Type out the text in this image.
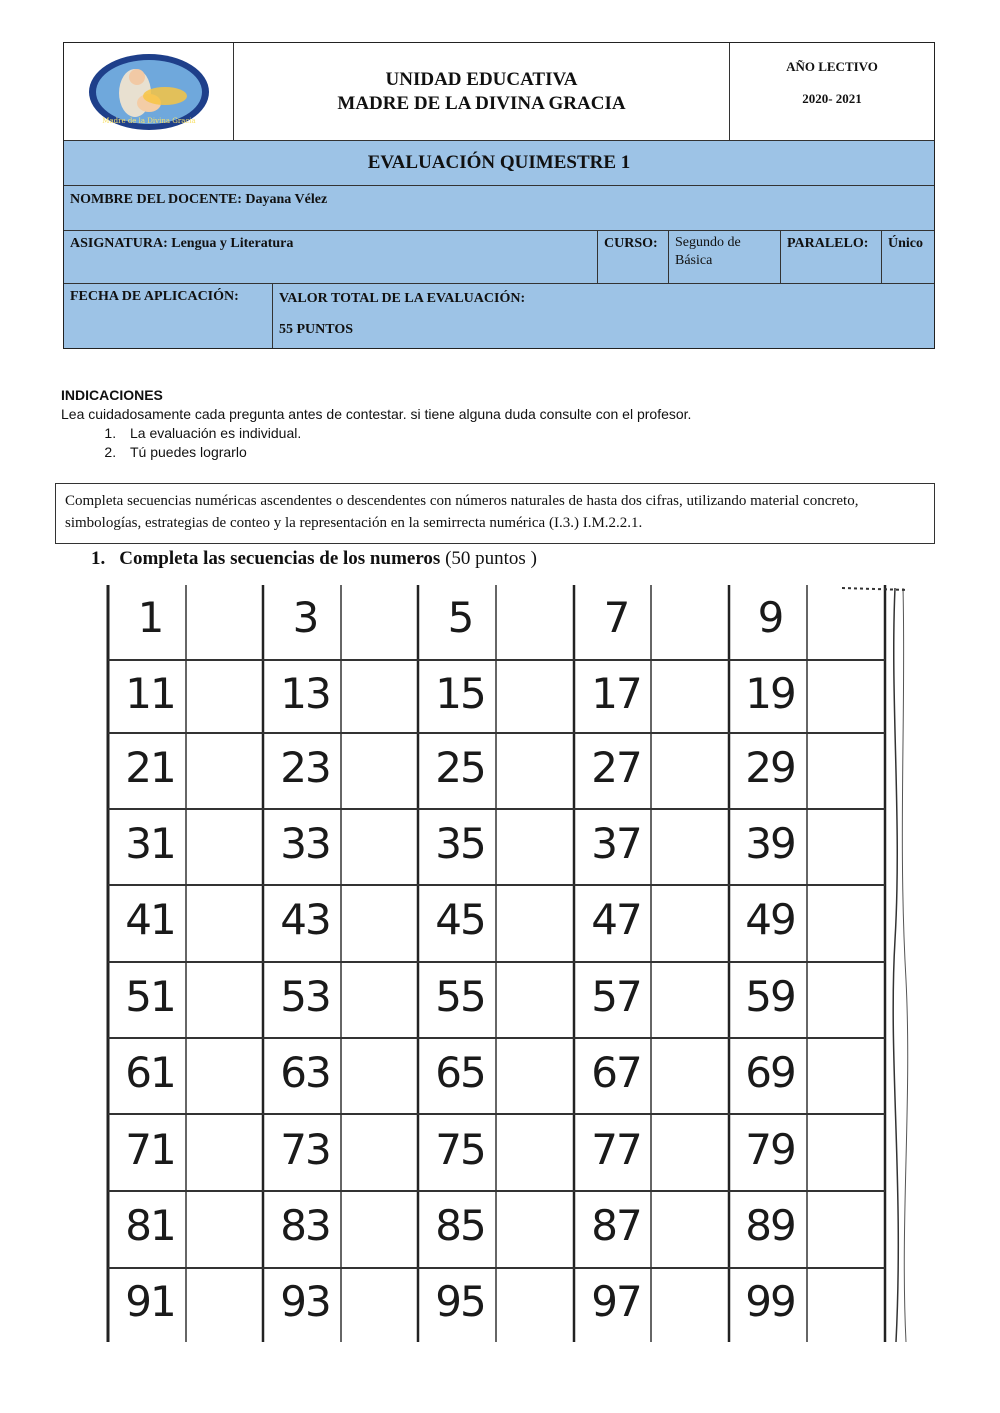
Madre de la Divina Gracia
UNIDAD EDUCATIVA
MADRE DE LA DIVINA GRACIA
AÑO LECTIVO
2020- 2021
EVALUACIÓN QUIMESTRE 1
NOMBRE DEL DOCENTE: Dayana Vélez
ASIGNATURA: Lengua y Literatura	CURSO:	Segundo de Básica
PARALELO:	Único
FECHA DE APLICACIÓN:	VALOR TOTAL DE LA EVALUACIÓN:
55 PUNTOS
INDICACIONES
Lea cuidadosamente cada pregunta antes de contestar. si tiene alguna duda consulte con el profesor.
1. La evaluación es individual.
2. Tú puedes lograrlo
Completa secuencias numéricas ascendentes o descendentes con números naturales de hasta dos cifras, utilizando material concreto, simbologías, estrategias de conteo y la representación en la semirrecta numérica (I.3.) I.M.2.2.1.
1. Completa las secuencias de los numeros (50 puntos )
1	3	5	7	9
11	13	15	17	19
21	23	25	27	29
31	33	35	37	39
41	43	45	47	49
51	53	55	57	59
61	63	65	67	69
71	73	75	77	79
81	83	85	87	89
91	93	95	97	99
